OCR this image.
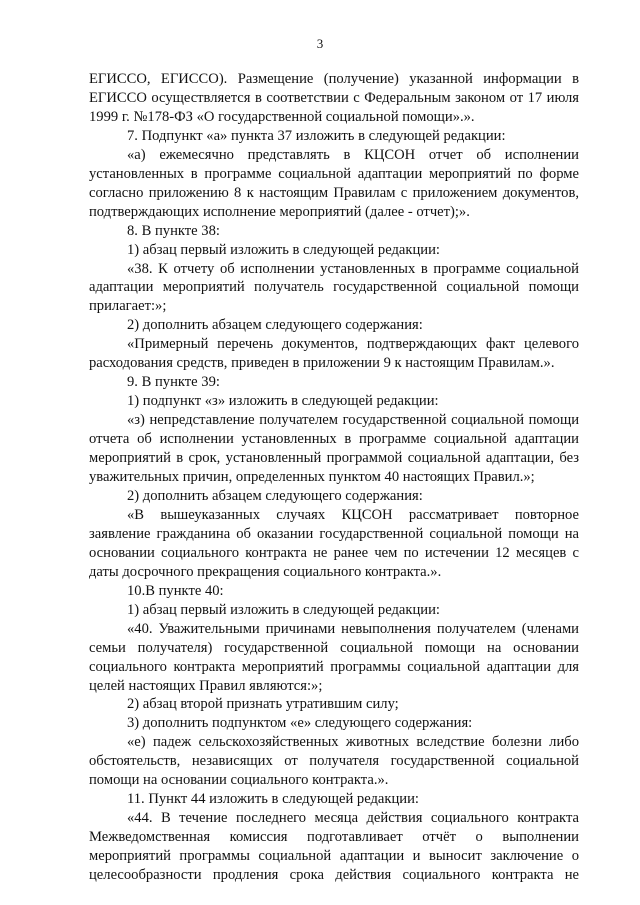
3

ЕГИССО, ЕГИССО). Размещение (получение) указанной информации в ЕГИССО осуществляется в соответствии с Федеральным законом от 17 июля 1999 г. №178-ФЗ «О государственной социальной помощи».».

7. Подпункт «а» пункта 37 изложить в следующей редакции:

«а) ежемесячно представлять в КЦСОН отчет об исполнении установленных в программе социальной адаптации мероприятий по форме согласно приложению 8 к настоящим Правилам с приложением документов, подтверждающих исполнение мероприятий (далее - отчет);».

8. В пункте 38:

1) абзац первый изложить в следующей редакции:

«38. К отчету об исполнении установленных в программе социальной адаптации мероприятий получатель государственной социальной помощи прилагает:»;

2) дополнить абзацем следующего содержания:

«Примерный перечень документов, подтверждающих факт целевого расходования средств, приведен в приложении 9 к настоящим Правилам.».

9. В пункте 39:

1) подпункт «з» изложить в следующей редакции:

«з) непредставление получателем государственной социальной помощи отчета об исполнении установленных в программе социальной адаптации мероприятий в срок, установленный программой социальной адаптации, без уважительных причин, определенных пунктом 40 настоящих Правил.»;

2) дополнить абзацем следующего содержания:

«В вышеуказанных случаях КЦСОН рассматривает повторное заявление гражданина об оказании государственной социальной помощи на основании социального контракта не ранее чем по истечении 12 месяцев с даты досрочного прекращения социального контракта.».

10.В пункте 40:

1) абзац первый изложить в следующей редакции:

«40. Уважительными причинами невыполнения получателем (членами семьи получателя) государственной социальной помощи на основании социального контракта мероприятий программы социальной адаптации для целей настоящих Правил являются:»;

2) абзац второй признать утратившим силу;

3) дополнить подпунктом «е» следующего содержания:

«е) падеж сельскохозяйственных животных вследствие болезни либо обстоятельств, независящих от получателя государственной социальной помощи на основании социального контракта.».

11. Пункт 44 изложить в следующей редакции:

«44. В течение последнего месяца действия социального контракта Межведомственная комиссия подготавливает отчёт о выполнении мероприятий программы социальной адаптации и выносит заключение о целесообразности продления срока действия социального контракта не
